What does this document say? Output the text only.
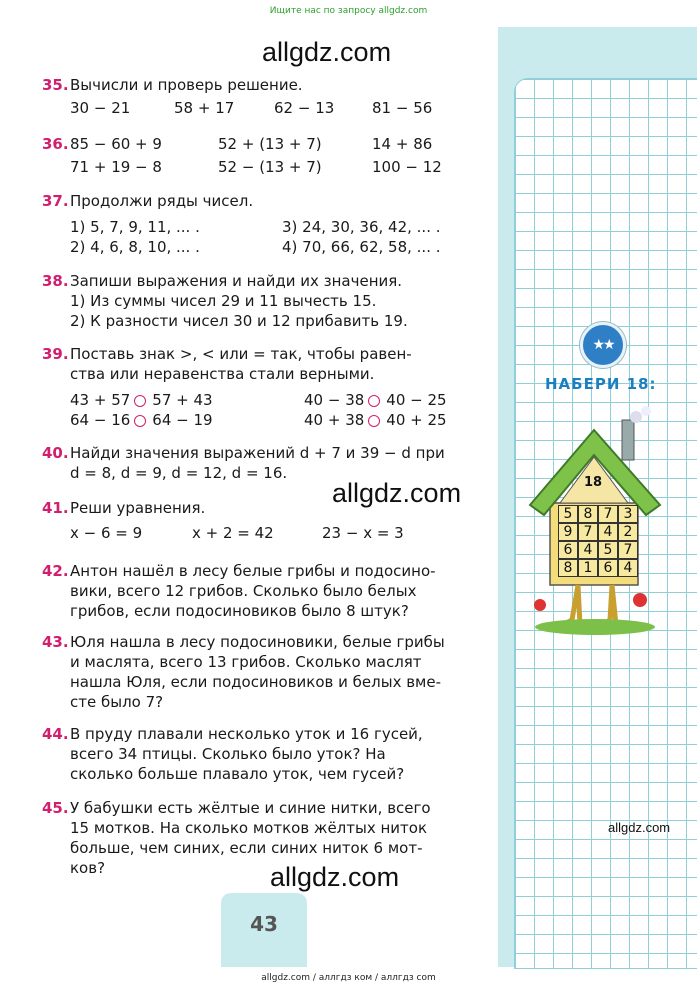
Ищите нас по запросу allgdz.com
★★
НАБЕРИ 18:
18
5 8 7 3
9 7 4 2
6 4 5 7
8 1 6 4
allgdz.com
allgdz.com
allgdz.com
allgdz.com
35. Вычисли и проверь решение.
30 − 21	58 + 17	62 − 13	81 − 56
36. 85 − 60 + 9	52 + (13 + 7)	14 + 86
71 + 19 − 8	52 − (13 + 7)	100 − 12
37. Продолжи ряды чисел.
1) 5, 7, 9, 11, ... .	3) 24, 30, 36, 42, ... .
2) 4, 6, 8, 10, ... .	4) 70, 66, 62, 58, ... .
38. Запиши выражения и найди их значения.
1) Из суммы чисел 29 и 11 вычесть 15.
2) К разности чисел 30 и 12 прибавить 19.
39. Поставь знак >, < или = так, чтобы равен-
ства или неравенства стали верными.
43 + 57 57 + 43	40 − 38 40 − 25
64 − 16 64 − 19	40 + 38 40 + 25
40. Найди значения выражений d + 7 и 39 − d при
d = 8, d = 9, d = 12, d = 16.
41. Реши уравнения.
x − 6 = 9	x + 2 = 42	23 − x = 3
42. Антон нашёл в лесу белые грибы и подосино-
вики, всего 12 грибов. Сколько было белых
грибов, если подосиновиков было 8 штук?
43. Юля нашла в лесу подосиновики, белые грибы
и маслята, всего 13 грибов. Сколько маслят
нашла Юля, если подосиновиков и белых вме-
сте было 7?
44. В пруду плавали несколько уток и 16 гусей,
всего 34 птицы. Сколько было уток? На
сколько больше плавало уток, чем гусей?
45. У бабушки есть жёлтые и синие нитки, всего
15 мотков. На сколько мотков жёлтых ниток
больше, чем синих, если синих ниток 6 мот-
ков?
43
allgdz.com / аллгдз ком / аллгдз com
